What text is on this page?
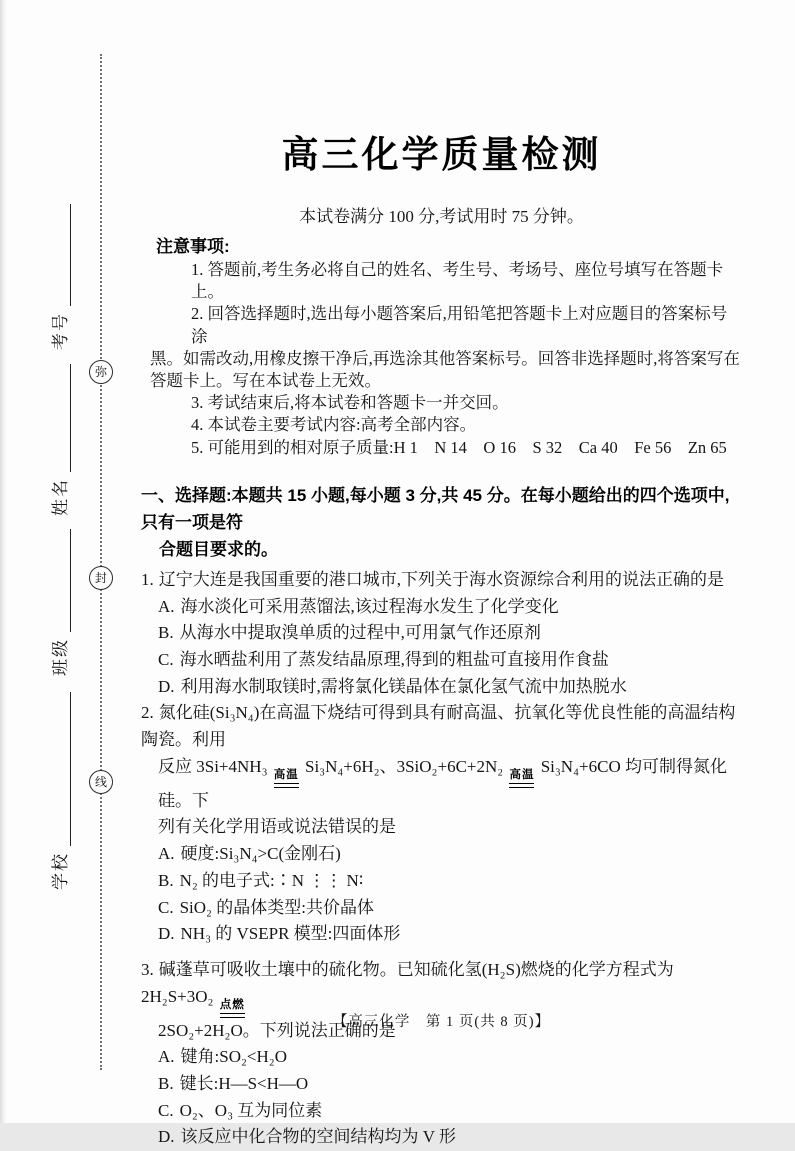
考号
姓名
班级
学校
弥
封
线
高三化学质量检测
本试卷满分 100 分,考试用时 75 分钟。
注意事项:
1. 答题前,考生务必将自己的姓名、考生号、考场号、座位号填写在答题卡上。
2. 回答选择题时,选出每小题答案后,用铅笔把答题卡上对应题目的答案标号涂
黑。如需改动,用橡皮擦干净后,再选涂其他答案标号。回答非选择题时,将答案写在
答题卡上。写在本试卷上无效。
3. 考试结束后,将本试卷和答题卡一并交回。
4. 本试卷主要考试内容:高考全部内容。
5. 可能用到的相对原子质量:H 1　N 14　O 16　S 32　Ca 40　Fe 56　Zn 65
一、选择题:本题共 15 小题,每小题 3 分,共 45 分。在每小题给出的四个选项中,只有一项是符
合题目要求的。
1. 辽宁大连是我国重要的港口城市,下列关于海水资源综合利用的说法正确的是
A. 海水淡化可采用蒸馏法,该过程海水发生了化学变化
B. 从海水中提取溴单质的过程中,可用氯气作还原剂
C. 海水晒盐利用了蒸发结晶原理,得到的粗盐可直接用作食盐
D. 利用海水制取镁时,需将氯化镁晶体在氯化氢气流中加热脱水
2. 氮化硅(Si₃N₄)在高温下烧结可得到具有耐高温、抗氧化等优良性能的高温结构陶瓷。利用
反应 3Si+4NH₃ 高温 Si₃N₄+6H₂、3SiO₂+6C+2N₂ 高温 Si₃N₄+6CO 均可制得氮化硅。下
列有关化学用语或说法错误的是
A. 硬度:Si₃N₄>C(金刚石)
B. N₂ 的电子式:∶N ⋮⋮ N∶
C. SiO₂ 的晶体类型:共价晶体
D. NH₃ 的 VSEPR 模型:四面体形
3. 碱蓬草可吸收土壤中的硫化物。已知硫化氢(H₂S)燃烧的化学方程式为 2H₂S+3O₂ 点燃
2SO₂+2H₂O。下列说法正确的是
A. 键角:SO₂<H₂O
B. 键长:H—S<H—O
C. O₂、O₃ 互为同位素
D. 该反应中化合物的空间结构均为 V 形
【高三化学　第 1 页(共 8 页)】
